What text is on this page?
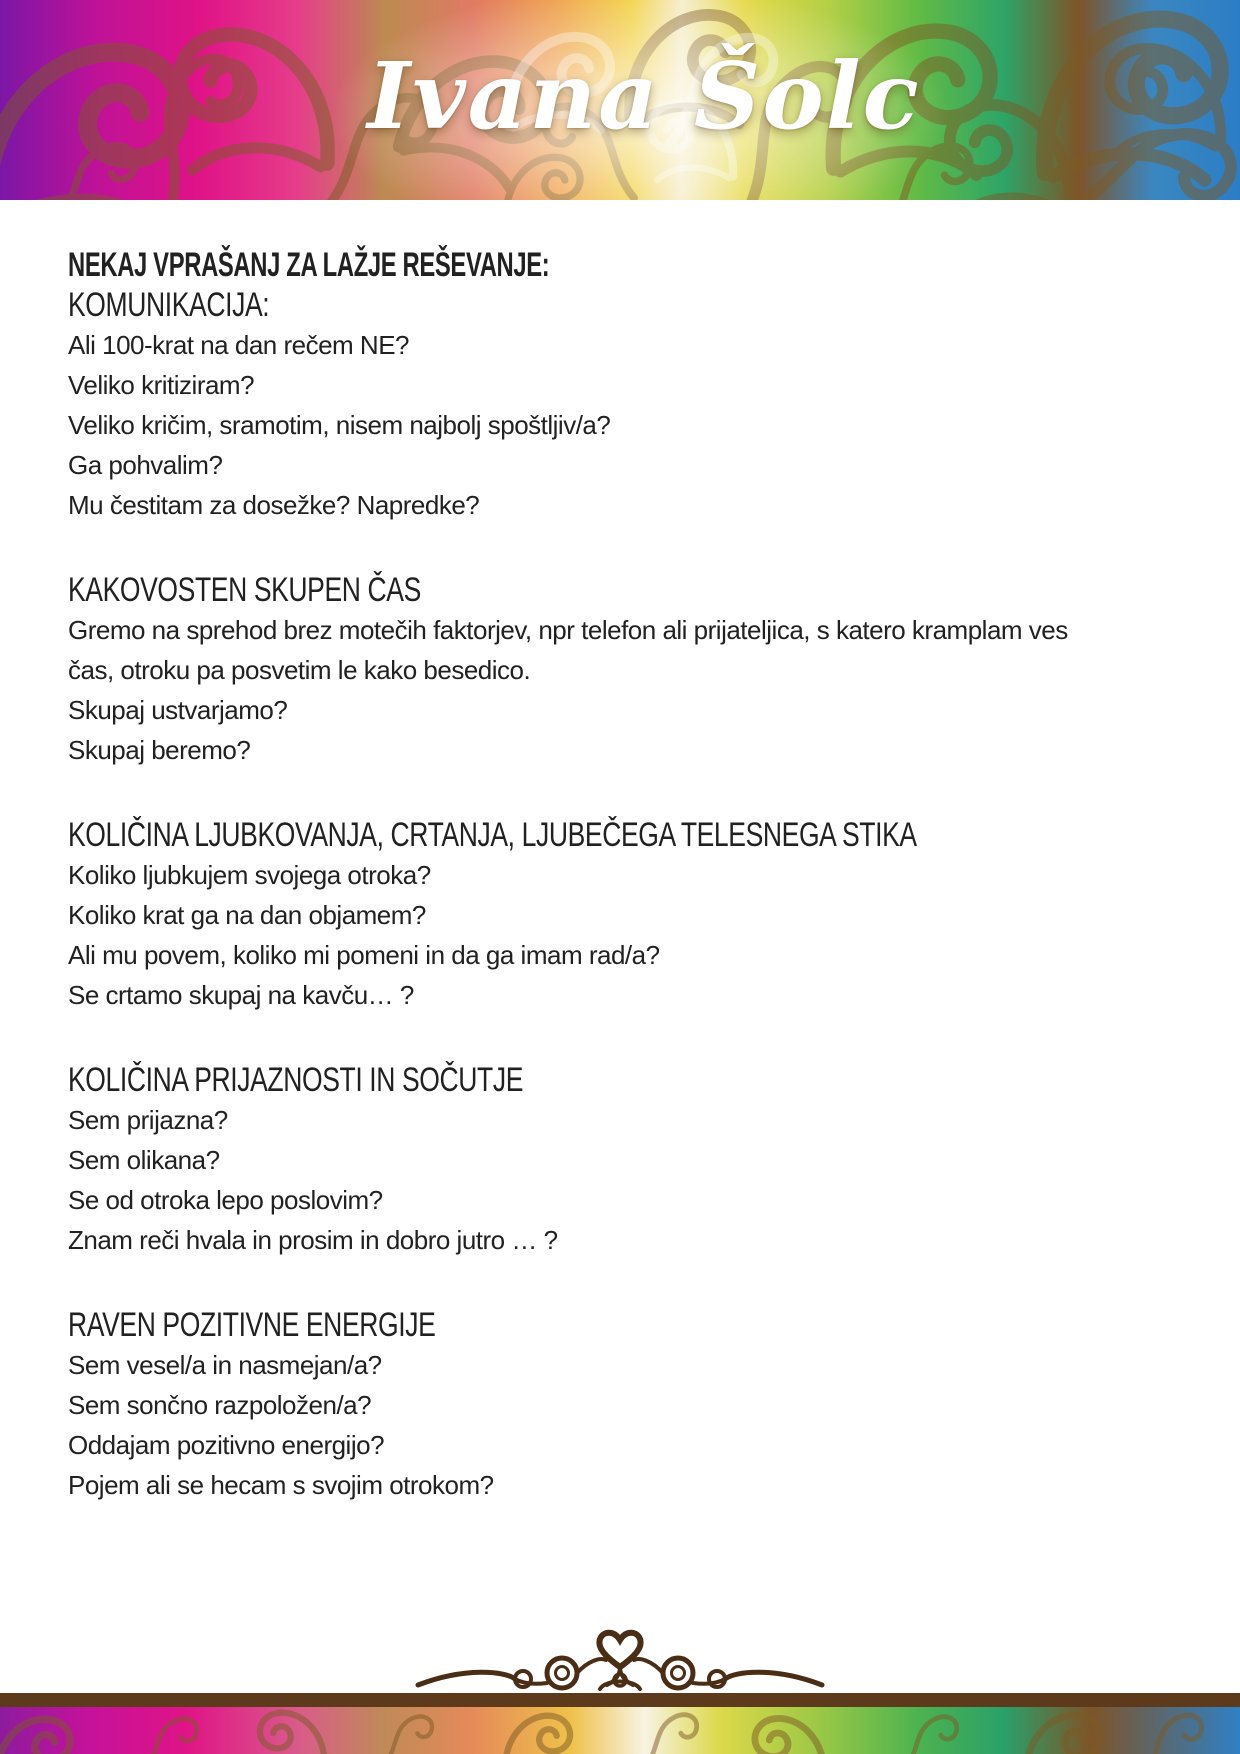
Ivana Šolc
NEKAJ VPRAŠANJ ZA LAŽJE REŠEVANJE:
KOMUNIKACIJA:
Ali 100-krat na dan rečem NE?
Veliko kritiziram?
Veliko kričim, sramotim, nisem najbolj spoštljiv/a?
Ga pohvalim?
Mu čestitam za dosežke? Napredke?
KAKOVOSTEN SKUPEN ČAS
Gremo na sprehod brez motečih faktorjev, npr telefon ali prijateljica, s katero kramplam ves
čas, otroku pa posvetim le kako besedico.
Skupaj ustvarjamo?
Skupaj beremo?
KOLIČINA LJUBKOVANJA, CRTANJA, LJUBEČEGA TELESNEGA STIKA
Koliko ljubkujem svojega otroka?
Koliko krat ga na dan objamem?
Ali mu povem, koliko mi pomeni in da ga imam rad/a?
Se crtamo skupaj na kavču… ?
KOLIČINA PRIJAZNOSTI IN SOČUTJE
Sem prijazna?
Sem olikana?
Se od otroka lepo poslovim?
Znam reči hvala in prosim in dobro jutro … ?
RAVEN POZITIVNE ENERGIJE
Sem vesel/a in nasmejan/a?
Sem sončno razpoložen/a?
Oddajam pozitivno energijo?
Pojem ali se hecam s svojim otrokom?
